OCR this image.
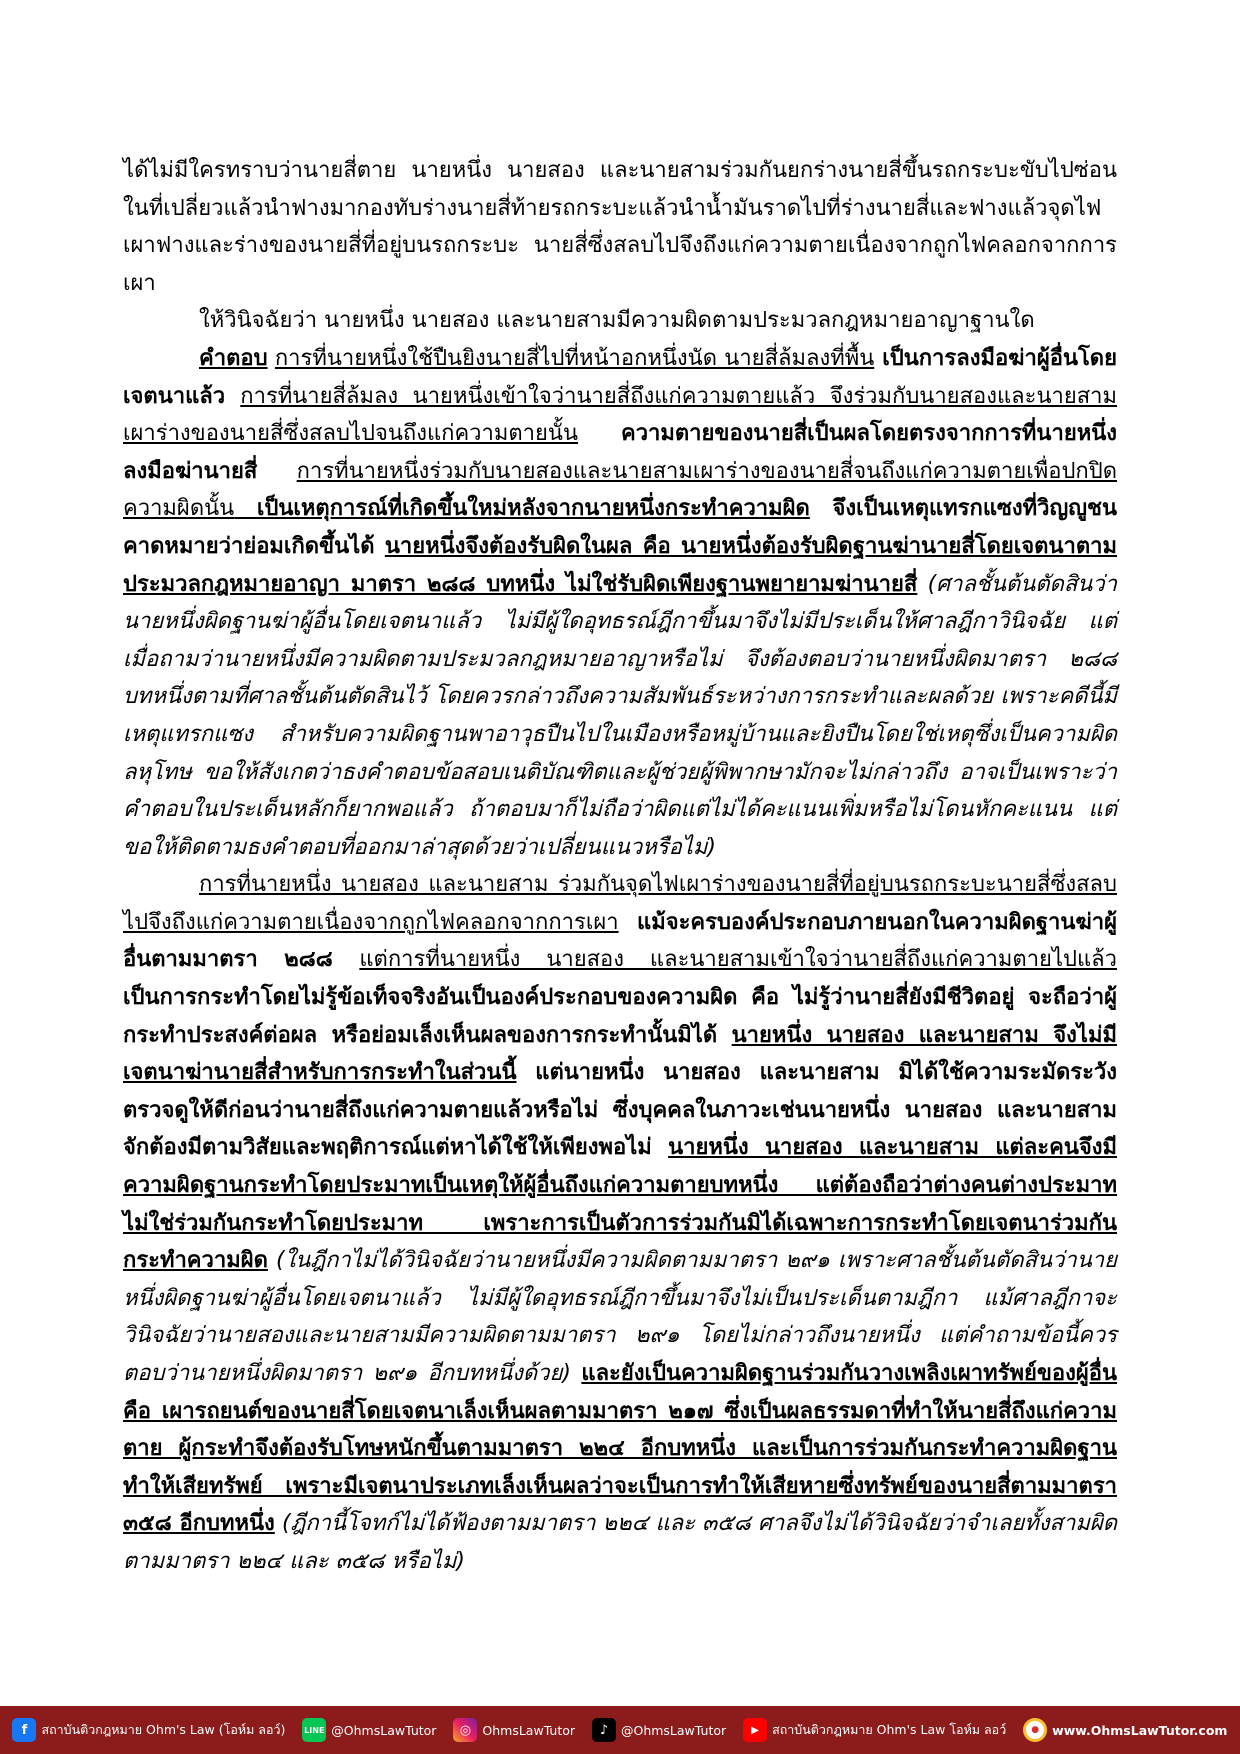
ได้ไม่มีใครทราบว่านายสี่ตาย นายหนึ่ง นายสอง และนายสามร่วมกันยกร่างนายสี่ขึ้นรถกระบะขับไปซ่อนในที่เปลี่ยวแล้วนำฟางมากองทับร่างนายสี่ท้ายรถกระบะแล้วนำน้ำมันราดไปที่ร่างนายสี่และฟางแล้วจุดไฟเผาฟางและร่างของนายสี่ที่อยู่บนรถกระบะ นายสี่ซึ่งสลบไปจึงถึงแก่ความตายเนื่องจากถูกไฟคลอกจากการเผา

ให้วินิจฉัยว่า นายหนึ่ง นายสอง และนายสามมีความผิดตามประมวลกฎหมายอาญาฐานใด

คำตอบ การที่นายหนึ่งใช้ปืนยิงนายสี่ไปที่หน้าอกหนึ่งนัด นายสี่ล้มลงที่พื้น เป็นการลงมือฆ่าผู้อื่นโดยเจตนาแล้ว การที่นายสี่ล้มลง นายหนึ่งเข้าใจว่านายสี่ถึงแก่ความตายแล้ว จึงร่วมกับนายสองและนายสามเผาร่างของนายสี่ซึ่งสลบไปจนถึงแก่ความตายนั้น ความตายของนายสี่เป็นผลโดยตรงจากการที่นายหนึ่งลงมือฆ่านายสี่ การที่นายหนึ่งร่วมกับนายสองและนายสามเผาร่างของนายสี่จนถึงแก่ความตายเพื่อปกปิดความผิดนั้น เป็นเหตุการณ์ที่เกิดขึ้นใหม่หลังจากนายหนึ่งกระทำความผิด จึงเป็นเหตุแทรกแซงที่วิญญูชนคาดหมายว่าย่อมเกิดขึ้นได้ นายหนึ่งจึงต้องรับผิดในผล คือ นายหนึ่งต้องรับผิดฐานฆ่านายสี่โดยเจตนาตามประมวลกฎหมายอาญา มาตรา ๒๘๘ บทหนึ่ง ไม่ใช่รับผิดเพียงฐานพยายามฆ่านายสี่ (ศาลชั้นต้นตัดสินว่านายหนึ่งผิดฐานฆ่าผู้อื่นโดยเจตนาแล้ว ไม่มีผู้ใดอุทธรณ์ฎีกาขึ้นมาจึงไม่มีประเด็นให้ศาลฎีกาวินิจฉัย แต่เมื่อถามว่านายหนึ่งมีความผิดตามประมวลกฎหมายอาญาหรือไม่ จึงต้องตอบว่านายหนึ่งผิดมาตรา ๒๘๘ บทหนึ่งตามที่ศาลชั้นต้นตัดสินไว้ โดยควรกล่าวถึงความสัมพันธ์ระหว่างการกระทำและผลด้วย เพราะคดีนี้มีเหตุแทรกแซง สำหรับความผิดฐานพาอาวุธปืนไปในเมืองหรือหมู่บ้านและยิงปืนโดยใช่เหตุซึ่งเป็นความผิดลหุโทษ ขอให้สังเกตว่าธงคำตอบข้อสอบเนติบัณฑิตและผู้ช่วยผู้พิพากษามักจะไม่กล่าวถึง อาจเป็นเพราะว่าคำตอบในประเด็นหลักก็ยากพอแล้ว ถ้าตอบมาก็ไม่ถือว่าผิดแต่ไม่ได้คะแนนเพิ่มหรือไม่โดนหักคะแนน แต่ขอให้ติดตามธงคำตอบที่ออกมาล่าสุดด้วยว่าเปลี่ยนแนวหรือไม่)

การที่นายหนึ่ง นายสอง และนายสาม ร่วมกันจุดไฟเผาร่างของนายสี่ที่อยู่บนรถกระบะนายสี่ซึ่งสลบไปจึงถึงแก่ความตายเนื่องจากถูกไฟคลอกจากการเผา แม้จะครบองค์ประกอบภายนอกในความผิดฐานฆ่าผู้อื่นตามมาตรา ๒๘๘ แต่การที่นายหนึ่ง นายสอง และนายสามเข้าใจว่านายสี่ถึงแก่ความตายไปแล้ว เป็นการกระทำโดยไม่รู้ข้อเท็จจริงอันเป็นองค์ประกอบของความผิด คือ ไม่รู้ว่านายสี่ยังมีชีวิตอยู่ จะถือว่าผู้กระทำประสงค์ต่อผล หรือย่อมเล็งเห็นผลของการกระทำนั้นมิได้ นายหนึ่ง นายสอง และนายสาม จึงไม่มีเจตนาฆ่านายสี่สำหรับการกระทำในส่วนนี้ แต่นายหนึ่ง นายสอง และนายสาม มิได้ใช้ความระมัดระวังตรวจดูให้ดีก่อนว่านายสี่ถึงแก่ความตายแล้วหรือไม่ ซึ่งบุคคลในภาวะเช่นนายหนึ่ง นายสอง และนายสาม จักต้องมีตามวิสัยและพฤติการณ์แต่หาได้ใช้ให้เพียงพอไม่ นายหนึ่ง นายสอง และนายสาม แต่ละคนจึงมีความผิดฐานกระทำโดยประมาทเป็นเหตุให้ผู้อื่นถึงแก่ความตายบทหนึ่ง แต่ต้องถือว่าต่างคนต่างประมาทไม่ใช่ร่วมกันกระทำโดยประมาท เพราะการเป็นตัวการร่วมกันมิได้เฉพาะการกระทำโดยเจตนาร่วมกันกระทำความผิด (ในฎีกาไม่ได้วินิจฉัยว่านายหนึ่งมีความผิดตามมาตรา ๒๙๑ เพราะศาลชั้นต้นตัดสินว่านายหนึ่งผิดฐานฆ่าผู้อื่นโดยเจตนาแล้ว ไม่มีผู้ใดอุทธรณ์ฎีกาขึ้นมาจึงไม่เป็นประเด็นตามฎีกา แม้ศาลฎีกาจะวินิจฉัยว่านายสองและนายสามมีความผิดตามมาตรา ๒๙๑ โดยไม่กล่าวถึงนายหนึ่ง แต่คำถามข้อนี้ควรตอบว่านายหนึ่งผิดมาตรา ๒๙๑ อีกบทหนึ่งด้วย) และยังเป็นความผิดฐานร่วมกันวางเพลิงเผาทรัพย์ของผู้อื่น คือ เผารถยนต์ของนายสี่โดยเจตนาเล็งเห็นผลตามมาตรา ๒๑๗ ซึ่งเป็นผลธรรมดาที่ทำให้นายสี่ถึงแก่ความตาย ผู้กระทำจึงต้องรับโทษหนักขึ้นตามมาตรา ๒๒๔ อีกบทหนึ่ง และเป็นการร่วมกันกระทำความผิดฐานทำให้เสียทรัพย์ เพราะมีเจตนาประเภทเล็งเห็นผลว่าจะเป็นการทำให้เสียหายซึ่งทรัพย์ของนายสี่ตามมาตรา ๓๕๘ อีกบทหนึ่ง (ฎีกานี้โจทก์ไม่ได้ฟ้องตามมาตรา ๒๒๔ และ ๓๕๘ ศาลจึงไม่ได้วินิจฉัยว่าจำเลยทั้งสามผิดตามมาตรา ๒๒๔ และ ๓๕๘ หรือไม่)

f	สถาบันติวกฎหมาย Ohm's Law (โอห์ม ลอว์) LINE @OhmsLawTutor	◎ OhmsLawTutor	♪	@OhmsLawTutor	▶	สถาบันติวกฎหมาย Ohm's Law โอห์ม ลอว์	●	www.OhmsLawTutor.com
